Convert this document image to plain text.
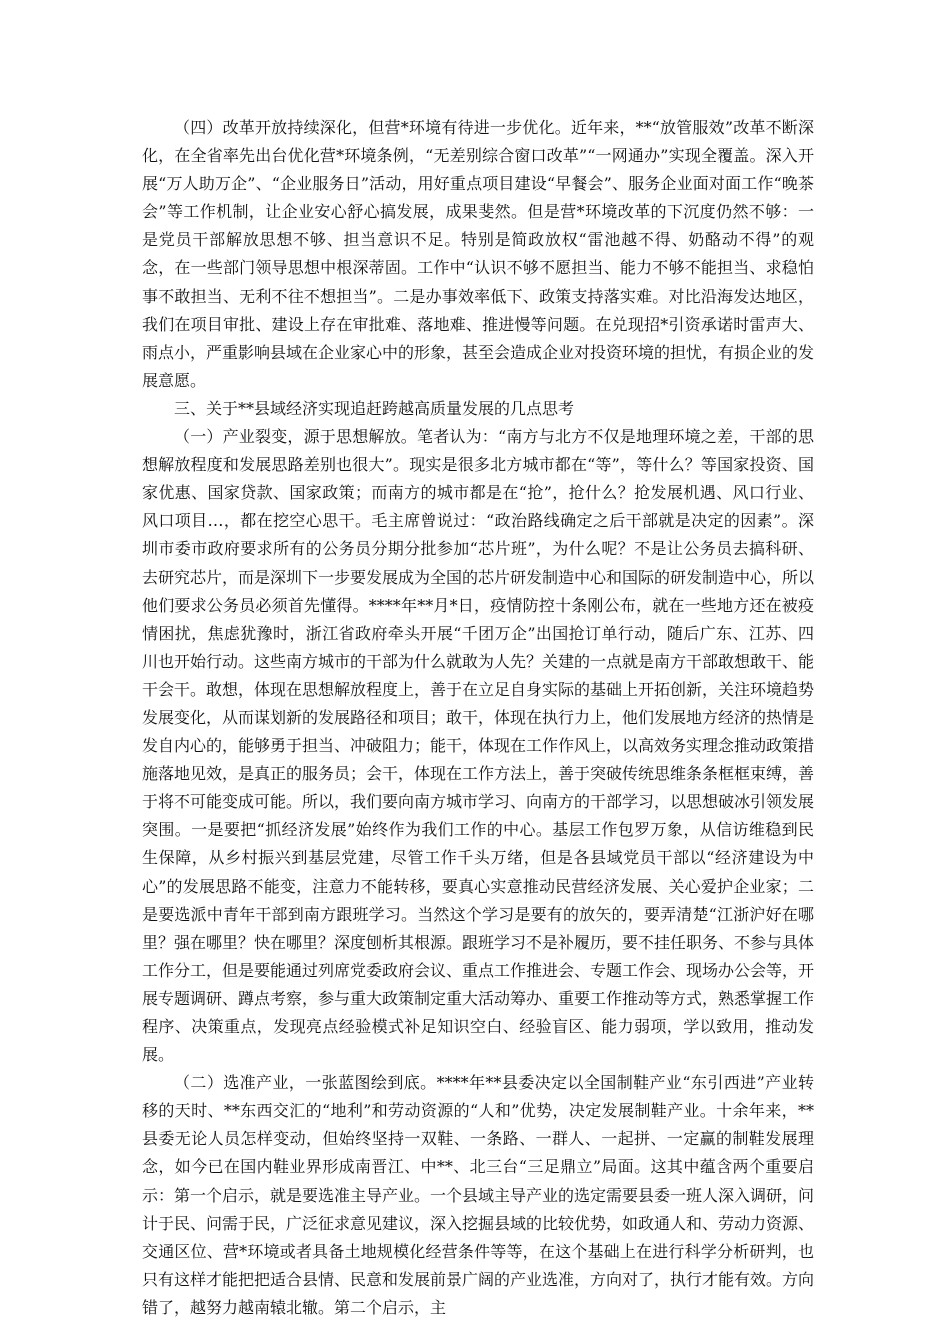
（四）改革开放持续深化，但营*环境有待进一步优化。近年来，**“放管服效”改革不断深化，在全省率先出台优化营*环境条例，“无差别综合窗口改革”“一网通办”实现全覆盖。深入开展“万人助万企”、“企业服务日”活动，用好重点项目建设“早餐会”、服务企业面对面工作“晚茶会”等工作机制，让企业安心舒心搞发展，成果斐然。但是营*环境改革的下沉度仍然不够：一是党员干部解放思想不够、担当意识不足。特别是简政放权“雷池越不得、奶酪动不得”的观念，在一些部门领导思想中根深蒂固。工作中“认识不够不愿担当、能力不够不能担当、求稳怕事不敢担当、无利不往不想担当”。二是办事效率低下、政策支持落实难。对比沿海发达地区，我们在项目审批、建设上存在审批难、落地难、推进慢等问题。在兑现招*引资承诺时雷声大、雨点小，严重影响县域在企业家心中的形象，甚至会造成企业对投资环境的担忧，有损企业的发展意愿。

三、关于**县域经济实现追赶跨越高质量发展的几点思考

（一）产业裂变，源于思想解放。笔者认为：“南方与北方不仅是地理环境之差，干部的思想解放程度和发展思路差别也很大”。现实是很多北方城市都在“等”，等什么？等国家投资、国家优惠、国家贷款、国家政策；而南方的城市都是在“抢”，抢什么？抢发展机遇、风口行业、风口项目…，都在挖空心思干。毛主席曾说过：“政治路线确定之后干部就是决定的因素”。深圳市委市政府要求所有的公务员分期分批参加“芯片班”，为什么呢？不是让公务员去搞科研、去研究芯片，而是深圳下一步要发展成为全国的芯片研发制造中心和国际的研发制造中心，所以他们要求公务员必须首先懂得。****年**月*日，疫情防控十条刚公布，就在一些地方还在被疫情困扰，焦虑犹豫时，浙江省政府牵头开展“千团万企”出国抢订单行动，随后广东、江苏、四川也开始行动。这些南方城市的干部为什么就敢为人先？关建的一点就是南方干部敢想敢干、能干会干。敢想，体现在思想解放程度上，善于在立足自身实际的基础上开拓创新，关注环境趋势发展变化，从而谋划新的发展路径和项目；敢干，体现在执行力上，他们发展地方经济的热情是发自内心的，能够勇于担当、冲破阻力；能干，体现在工作作风上，以高效务实理念推动政策措施落地见效，是真正的服务员；会干，体现在工作方法上，善于突破传统思维条条框框束缚，善于将不可能变成可能。所以，我们要向南方城市学习、向南方的干部学习，以思想破冰引领发展突围。一是要把“抓经济发展”始终作为我们工作的中心。基层工作包罗万象，从信访维稳到民生保障，从乡村振兴到基层党建，尽管工作千头万绪，但是各县域党员干部以“经济建设为中心”的发展思路不能变，注意力不能转移，要真心实意推动民营经济发展、关心爱护企业家；二是要选派中青年干部到南方跟班学习。当然这个学习是要有的放矢的，要弄清楚“江浙沪好在哪里？强在哪里？快在哪里？深度刨析其根源。跟班学习不是补履历，要不挂任职务、不参与具体工作分工，但是要能通过列席党委政府会议、重点工作推进会、专题工作会、现场办公会等，开展专题调研、蹲点考察，参与重大政策制定重大活动筹办、重要工作推动等方式，熟悉掌握工作程序、决策重点，发现亮点经验模式补足知识空白、经验盲区、能力弱项，学以致用，推动发展。

（二）选准产业，一张蓝图绘到底。****年**县委决定以全国制鞋产业“东引西进”产业转移的天时、**东西交汇的“地利”和劳动资源的“人和”优势，决定发展制鞋产业。十余年来，**县委无论人员怎样变动，但始终坚持一双鞋、一条路、一群人、一起拼、一定赢的制鞋发展理念，如今已在国内鞋业界形成南晋江、中**、北三台“三足鼎立”局面。这其中蕴含两个重要启示：第一个启示，就是要选准主导产业。一个县域主导产业的选定需要县委一班人深入调研，问计于民、问需于民，广泛征求意见建议，深入挖掘县域的比较优势，如政通人和、劳动力资源、交通区位、营*环境或者具备土地规模化经营条件等等，在这个基础上在进行科学分析研判，也只有这样才能把把适合县情、民意和发展前景广阔的产业选准，方向对了，执行才能有效。方向错了，越努力越南辕北辙。第二个启示，主
